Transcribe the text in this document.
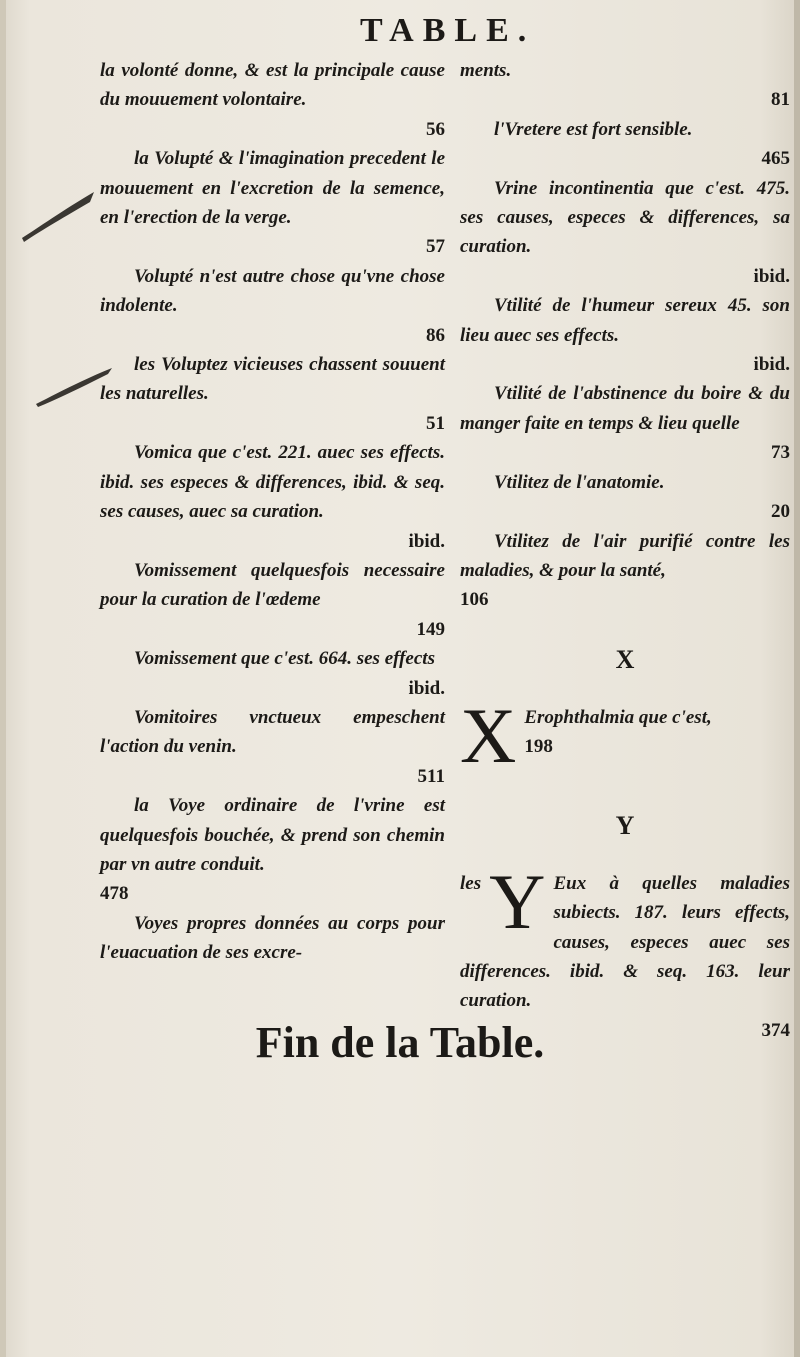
TABLE.
la volonté donne, & est la principale cause du mouuement volontaire.
56
la Volupté & l'imagination precedent le mouuement en l'excretion de la semence, en l'erection de la verge.
57
Volupté n'est autre chose qu'vne chose indolente.
86
les Voluptez vicieuses chassent souuent les naturelles.
51
Vomica que c'est. 221. auec ses effects. ibid. ses especes & differences, ibid. & seq. ses causes, auec sa curation.
ibid.
Vomissement quelquesfois necessaire pour la curation de l'œdeme
149
Vomissement que c'est. 664. ses effects
ibid.
Vomitoires vnctueux empeschent l'action du venin.
511
la Voye ordinaire de l'vrine est quelquesfois bouchée, & prend son chemin par vn autre conduit.
478
Voyes propres données au corps pour l'euacuation de ses excre-
ments.
81
l'Vretere est fort sensible.
465
Vrine incontinentia que c'est. 475. ses causes, especes & differences, sa curation.
ibid.
Vtilité de l'humeur sereux 45. son lieu auec ses effects.
ibid.
Vtilité de l'abstinence du boire & du manger faite en temps & lieu quelle
73
Vtilitez de l'anatomie.
20
Vtilitez de l'air purifié contre les maladies, & pour la santé,
106
X
X Erophthalmia que c'est,
198
Y
les Y Eux à quelles maladies subiects. 187. leurs effects, causes, especes auec ses differences. ibid. & seq. 163. leur curation.
374
Fin de la Table.
